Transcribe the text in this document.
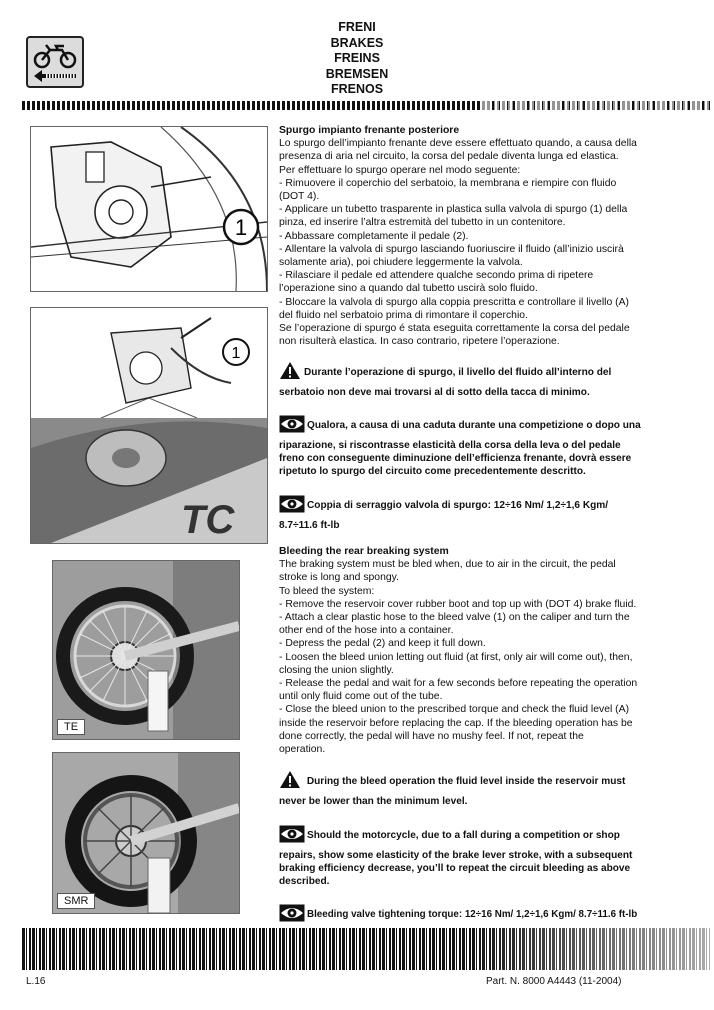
FRENI
BRAKES
FREINS
BREMSEN
FRENOS
1
1
TC
TE
SMR
Spurgo impianto frenante posteriore
Lo spurgo dell’impianto frenante deve essere effettuato quando, a causa della
presenza di aria nel circuito, la corsa del pedale diventa lunga ed elastica.
Per effettuare lo spurgo operare nel modo seguente:
- Rimuovere il coperchio del serbatoio, la membrana e riempire con fluido
(DOT 4).
- Applicare un tubetto trasparente in plastica sulla valvola di spurgo (1) della
pinza, ed inserire l’altra estremità del tubetto in un contenitore.
- Abbassare completamente il pedale (2).
- Allentare la valvola di spurgo lasciando fuoriuscire il fluido (all’inizio uscirà
solamente aria), poi chiudere leggermente la valvola.
- Rilasciare il pedale ed attendere qualche secondo prima di ripetere
l’operazione sino a quando dal tubetto uscirà solo fluido.
- Bloccare la valvola di spurgo alla coppia prescritta e controllare il livello (A)
del fluido nel serbatoio prima di rimontare il coperchio.
Se l’operazione di spurgo é stata eseguita correttamente la corsa del pedale
non risulterà elastica. In caso contrario, ripetere l’operazione.
Durante l’operazione di spurgo, il livello del fluido all’interno del
serbatoio non deve mai trovarsi al di sotto della tacca di minimo.
Qualora, a causa di una caduta durante una competizione o dopo una
riparazione, si riscontrasse elasticità della corsa della leva o del pedale
freno con conseguente diminuzione dell’efficienza frenante, dovrà essere
ripetuto lo spurgo del circuito come precedentemente descritto.
Coppia di serraggio valvola di spurgo: 12÷16 Nm/ 1,2÷1,6 Kgm/
8.7÷11.6 ft-lb
Bleeding the rear breaking system
The braking system must be bled when, due to air in the circuit, the pedal
stroke is long and spongy.
To bleed the system:
- Remove the reservoir cover rubber boot and top up with (DOT 4) brake fluid.
- Attach a clear plastic hose to the bleed valve (1) on the caliper and turn the
other end of the hose into a container.
- Depress the pedal (2) and keep it full down.
- Loosen the bleed union letting out fluid (at first, only air will come out), then,
closing the union slightly.
- Release the pedal and wait for a few seconds before repeating the operation
until only fluid come out of the tube.
- Close the bleed union to the prescribed torque and check the fluid level (A)
inside the reservoir before replacing the cap. If the bleeding operation has be
done correctly, the pedal will have no mushy feel. If not, repeat the
operation.
During the bleed operation the fluid level inside the reservoir must
never be lower than the minimum level.
Should the motorcycle, due to a fall during a competition or shop
repairs, show some elasticity of the brake lever stroke, with a subsequent
braking efficiency decrease, you’ll to repeat the circuit bleeding as above
described.
Bleeding valve tightening torque: 12÷16 Nm/ 1,2÷1,6 Kgm/ 8.7÷11.6 ft-lb
L.16	Part. N. 8000 A4443 (11-2004)
